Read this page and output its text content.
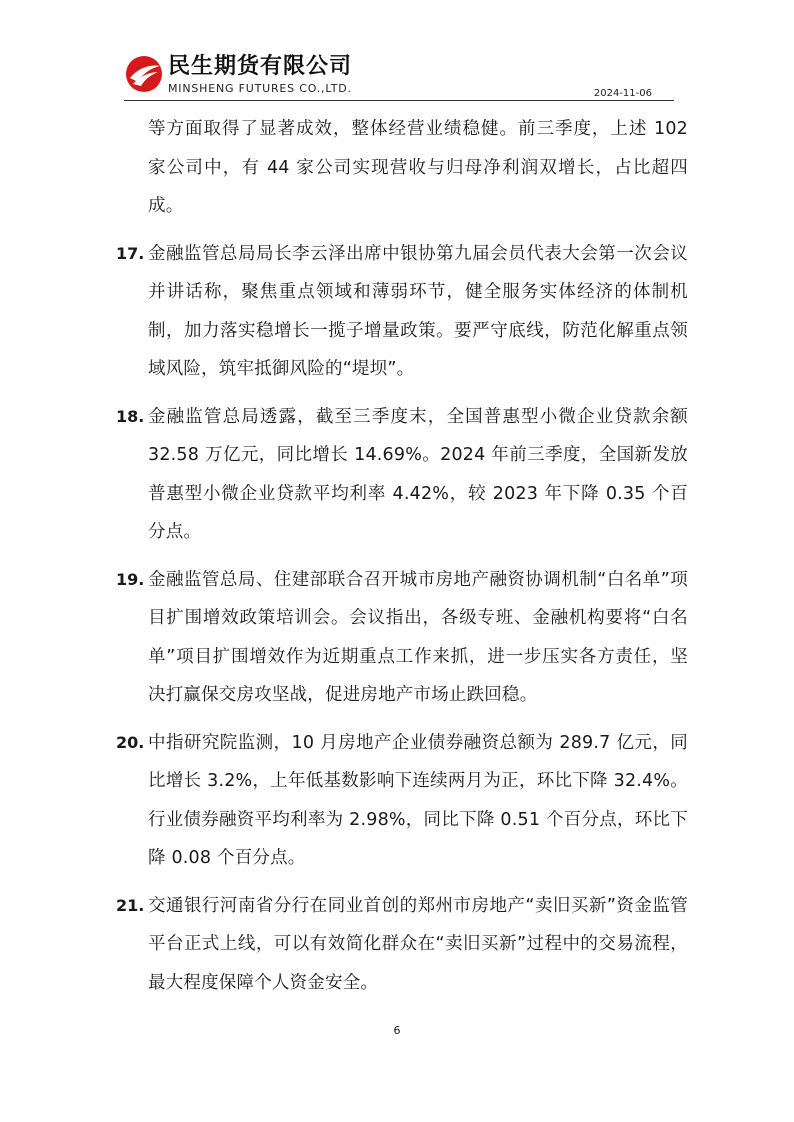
民生期货有限公司
MINSHENG FUTURES CO.,LTD.	2024-11-06
等方面取得了显著成效，整体经营业绩稳健。前三季度，上述 102 家公司中，有 44 家公司实现营收与归母净利润双增长，占比超四成。
17. 金融监管总局局长李云泽出席中银协第九届会员代表大会第一次会议并讲话称，聚焦重点领域和薄弱环节，健全服务实体经济的体制机制，加力落实稳增长一揽子增量政策。要严守底线，防范化解重点领域风险，筑牢抵御风险的“堤坝”。
18. 金融监管总局透露，截至三季度末，全国普惠型小微企业贷款余额 32.58 万亿元，同比增长 14.69%。2024 年前三季度，全国新发放普惠型小微企业贷款平均利率 4.42%，较 2023 年下降 0.35 个百分点。
19. 金融监管总局、住建部联合召开城市房地产融资协调机制“白名单”项目扩围增效政策培训会。会议指出，各级专班、金融机构要将“白名单”项目扩围增效作为近期重点工作来抓，进一步压实各方责任，坚决打赢保交房攻坚战，促进房地产市场止跌回稳。
20. 中指研究院监测，10 月房地产企业债券融资总额为 289.7 亿元，同比增长 3.2%，上年低基数影响下连续两月为正，环比下降 32.4%。行业债券融资平均利率为 2.98%，同比下降 0.51 个百分点，环比下降 0.08 个百分点。
21. 交通银行河南省分行在同业首创的郑州市房地产“卖旧买新”资金监管平台正式上线，可以有效简化群众在“卖旧买新”过程中的交易流程，最大程度保障个人资金安全。
6
